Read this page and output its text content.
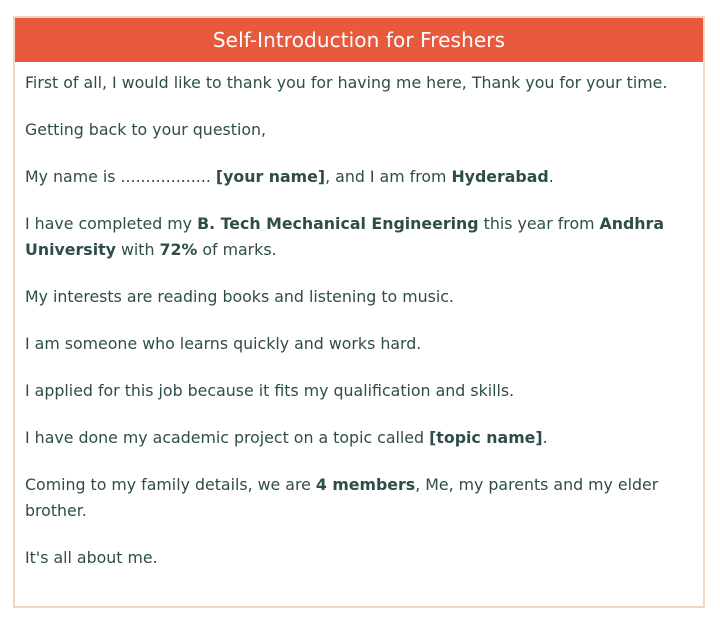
Self-Introduction for Freshers

First of all, I would like to thank you for having me here, Thank you for your time.

Getting back to your question,

My name is .................. [your name], and I am from Hyderabad.

I have completed my B. Tech Mechanical Engineering this year from Andhra University with 72% of marks.

My interests are reading books and listening to music.

I am someone who learns quickly and works hard.

I applied for this job because it fits my qualification and skills.

I have done my academic project on a topic called [topic name].

Coming to my family details, we are 4 members, Me, my parents and my elder brother.

It's all about me.
